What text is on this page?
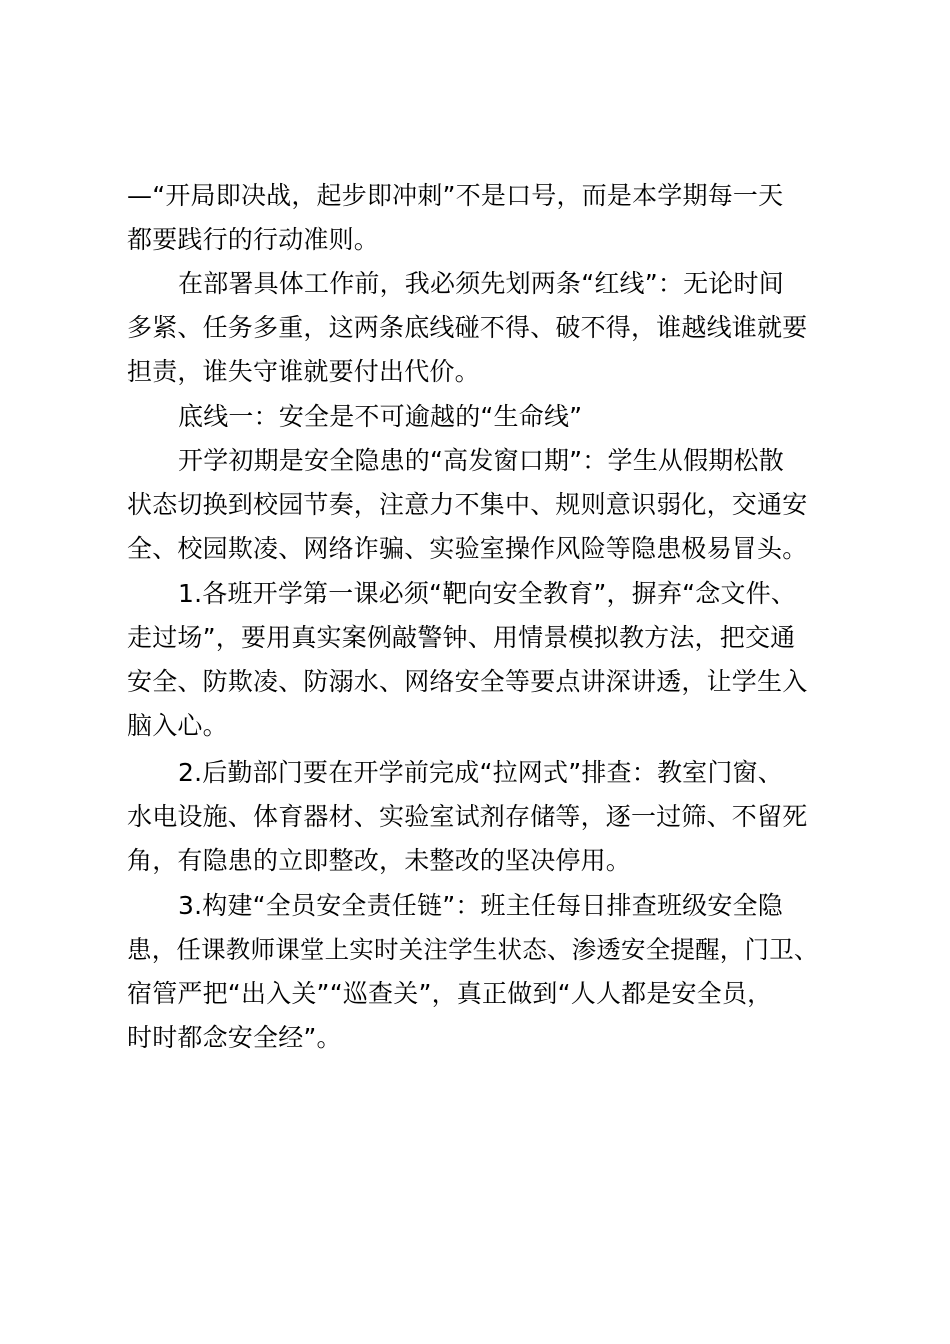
—“开局即决战，起步即冲刺”不是口号，而是本学期每一天
都要践行的行动准则。
在部署具体工作前，我必须先划两条“红线”：无论时间
多紧、任务多重，这两条底线碰不得、破不得，谁越线谁就要
担责，谁失守谁就要付出代价。
底线一：安全是不可逾越的“生命线”
开学初期是安全隐患的“高发窗口期”：学生从假期松散
状态切换到校园节奏，注意力不集中、规则意识弱化，交通安
全、校园欺凌、网络诈骗、实验室操作风险等隐患极易冒头。
1.各班开学第一课必须“靶向安全教育”，摒弃“念文件、
走过场”，要用真实案例敲警钟、用情景模拟教方法，把交通
安全、防欺凌、防溺水、网络安全等要点讲深讲透，让学生入
脑入心。
2.后勤部门要在开学前完成“拉网式”排查：教室门窗、
水电设施、体育器材、实验室试剂存储等，逐一过筛、不留死
角，有隐患的立即整改，未整改的坚决停用。
3.构建“全员安全责任链”：班主任每日排查班级安全隐
患，任课教师课堂上实时关注学生状态、渗透安全提醒，门卫、
宿管严把“出入关”“巡查关”，真正做到“人人都是安全员，
时时都念安全经”。
